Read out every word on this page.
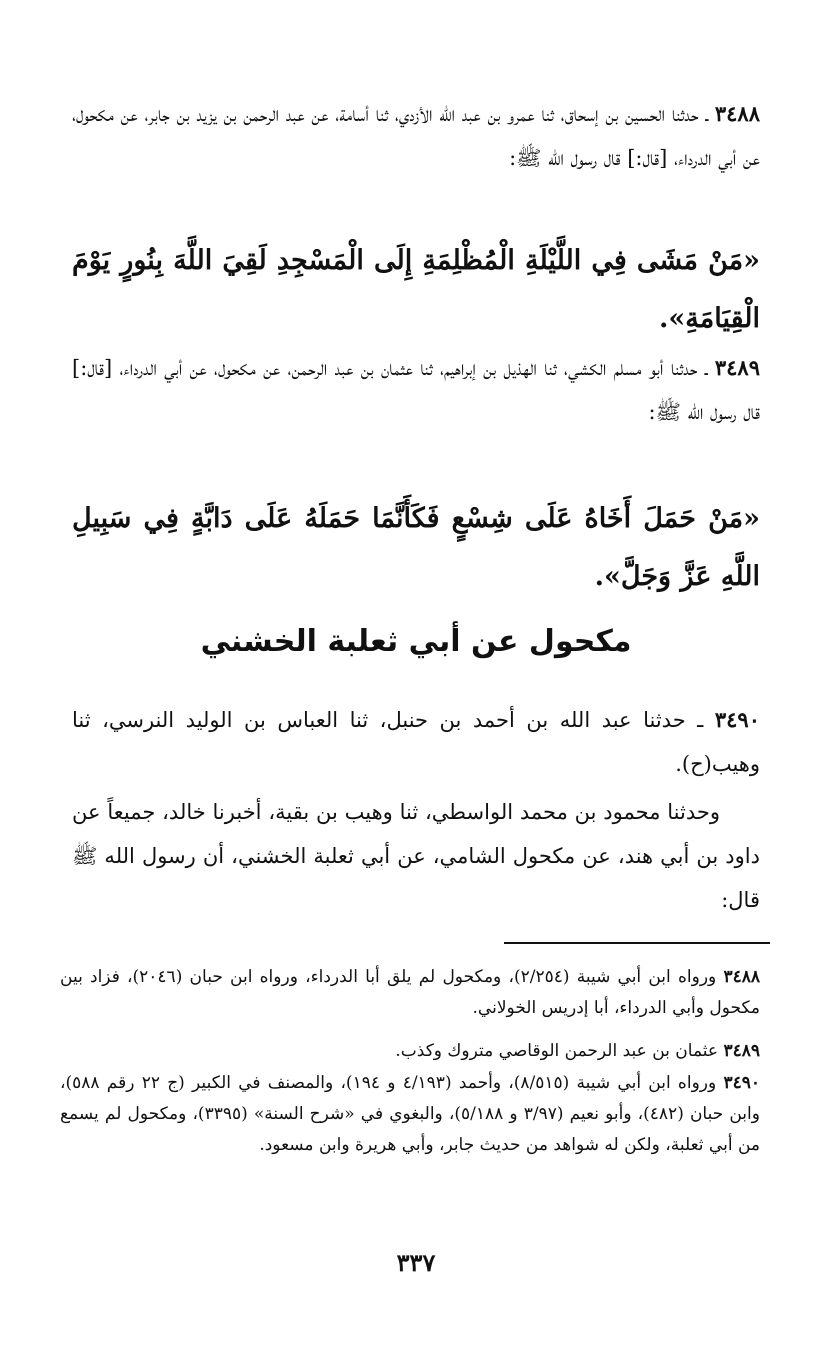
٣٤٨٨ ـ حدثنا الحسين بن إسحاق، ثنا عمرو بن عبد الله الأزدي، ثنا أسامة، عن عبد الرحمن بن يزيد بن جابر، عن مكحول، عن أبي الدرداء، [قال:] قال رسول الله ﷺ:
«مَنْ مَشَى فِي اللَّيْلَةِ الْمُظْلِمَةِ إِلَى الْمَسْجِدِ لَقِيَ اللَّهَ بِنُورٍ يَوْمَ الْقِيَامَةِ».
٣٤٨٩ ـ حدثنا أبو مسلم الكشي، ثنا الهذيل بن إبراهيم، ثنا عثمان بن عبد الرحمن، عن مكحول، عن أبي الدرداء، [قال:] قال رسول الله ﷺ:
«مَنْ حَمَلَ أَخَاهُ عَلَى شِسْعٍ فَكَأَنَّمَا حَمَلَهُ عَلَى دَابَّةٍ فِي سَبِيلِ اللَّهِ عَزَّ وَجَلَّ».
مكحول عن أبي ثعلبة الخشني
٣٤٩٠ ـ حدثنا عبد الله بن أحمد بن حنبل، ثنا العباس بن الوليد النرسي، ثنا وهيب(ح).
وحدثنا محمود بن محمد الواسطي، ثنا وهيب بن بقية، أخبرنا خالد، جميعاً عن داود بن أبي هند، عن مكحول الشامي، عن أبي ثعلبة الخشني، أن رسول الله ﷺ قال:
٣٤٨٨ ورواه ابن أبي شيبة (٢/٢٥٤)، ومكحول لم يلق أبا الدرداء، ورواه ابن حبان (٢٠٤٦)، فزاد بين مكحول وأبي الدرداء، أبا إدريس الخولاني.
٣٤٨٩ عثمان بن عبد الرحمن الوقاصي متروك وكذب.
٣٤٩٠ ورواه ابن أبي شيبة (٨/٥١٥)، وأحمد (٤/١٩٣ و ١٩٤)، والمصنف في الكبير (ج ٢٢ رقم ٥٨٨)، وابن حبان (٤٨٢)، وأبو نعيم (٣/٩٧ و ٥/١٨٨)، والبغوي في «شرح السنة» (٣٣٩٥)، ومكحول لم يسمع من أبي ثعلبة، ولكن له شواهد من حديث جابر، وأبي هريرة وابن مسعود.
٣٣٧
